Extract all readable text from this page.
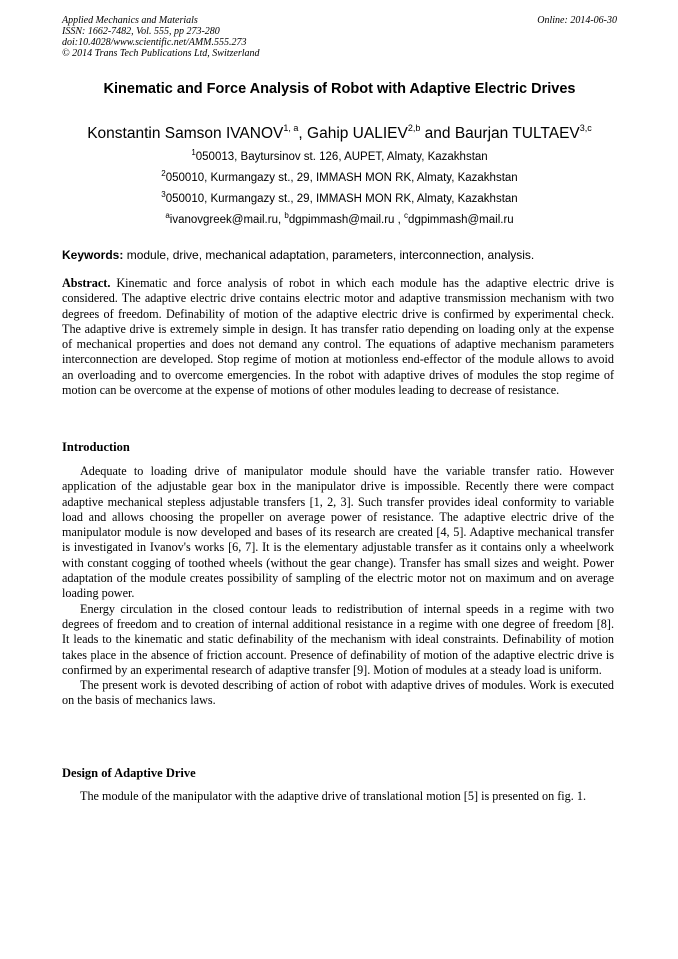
Applied Mechanics and Materials
ISSN: 1662-7482, Vol. 555, pp 273-280
doi:10.4028/www.scientific.net/AMM.555.273
© 2014 Trans Tech Publications Ltd, Switzerland
Online: 2014-06-30
Kinematic and Force Analysis of Robot with Adaptive Electric Drives
Konstantin Samson IVANOV$^{1, a}$, Gahip UALIEV$^{2,b}$ and Baurjan TULTAEV$^{3,c}$
$^1$050013, Baytursinov st. 126, AUPET, Almaty, Kazakhstan
$^2$050010, Kurmangazy st., 29, IMMASH MON RK, Almaty, Kazakhstan
$^3$050010, Kurmangazy st., 29, IMMASH MON RK, Almaty, Kazakhstan
$^a$ivanovgreek@mail.ru, $^b$dgpimmash@mail.ru , $^c$dgpimmash@mail.ru
Keywords: module, drive, mechanical adaptation, parameters, interconnection, analysis.

Abstract. Kinematic and force analysis of robot in which each module has the adaptive electric drive is considered. The adaptive electric drive contains electric motor and adaptive transmission mechanism with two degrees of freedom. Definability of motion of the adaptive electric drive is confirmed by experimental check. The adaptive drive is extremely simple in design. It has transfer ratio depending on loading only at the expense of mechanical properties and does not demand any control. The equations of adaptive mechanism parameters interconnection are developed. Stop regime of motion at motionless end-effector of the module allows to avoid an overloading and to overcome emergencies. In the robot with adaptive drives of modules the stop regime of motion can be overcome at the expense of motions of other modules leading to decrease of resistance.

Introduction

Adequate to loading drive of manipulator module should have the variable transfer ratio. However application of the adjustable gear box in the manipulator drive is impossible. Recently there were compact adaptive mechanical stepless adjustable transfers [1, 2, 3]. Such transfer provides ideal conformity to variable load and allows choosing the propeller on average power of resistance. The adaptive electric drive of the manipulator module is now developed and bases of its research are created [4, 5]. Adaptive mechanical transfer is investigated in Ivanov's works [6, 7]. It is the elementary adjustable transfer as it contains only a wheelwork with constant cogging of toothed wheels (without the gear change). Transfer has small sizes and weight. Power adaptation of the module creates possibility of sampling of the electric motor not on maximum and on average loading power.

Energy circulation in the closed contour leads to redistribution of internal speeds in a regime with two degrees of freedom and to creation of internal additional resistance in a regime with one degree of freedom [8]. It leads to the kinematic and static definability of the mechanism with ideal constraints. Definability of motion takes place in the absence of friction account. Presence of definability of motion of the adaptive electric drive is confirmed by an experimental research of adaptive transfer [9]. Motion of modules at a steady load is uniform.

The present work is devoted describing of action of robot with adaptive drives of modules. Work is executed on the basis of mechanics laws.

Design of Adaptive Drive

The module of the manipulator with the adaptive drive of translational motion [5] is presented on fig. 1.
